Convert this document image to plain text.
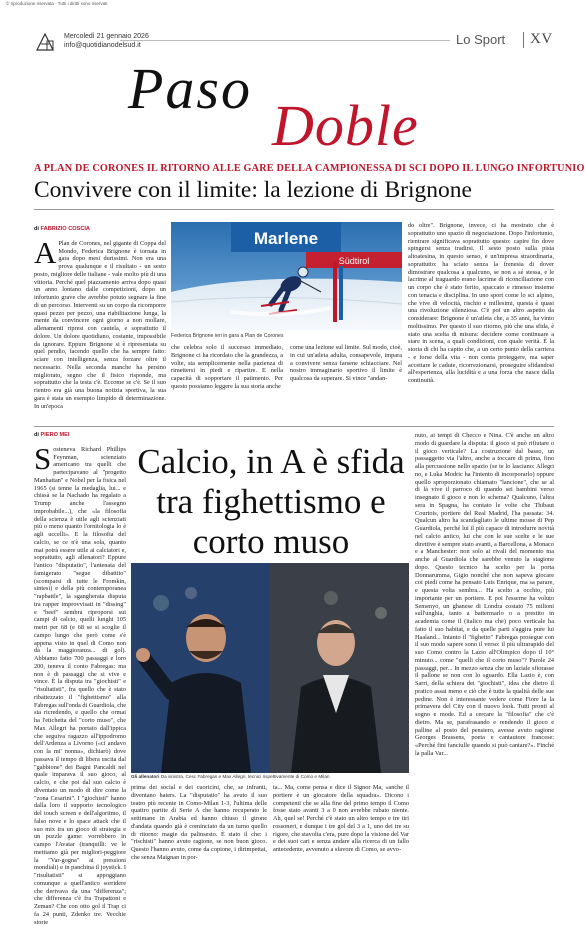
© riproduzione riservata · Tutti i diritti sono riservati
Mercoledì 21 gennaio 2026
info@quotidianodelsud.it	Lo Sport XV
Paso
Doble
A PLAN DE CORONES IL RITORNO ALLE GARE DELLA CAMPIONESSA DI SCI DOPO IL LUNGO INFORTUNIO
Convivere con il limite: la lezione di Brignone
di FABRIZIO COSCIA
A Plan de Corones, nel gigante di Coppa del Mondo, Federica Brignone è tornata in gara dopo mesi durissimi. Non era una prova qualunque e il risultato - un sesto posto, migliore delle italiane - vale molto più di una vittoria. Perché quel piazzamento arriva dopo quasi un anno lontano dalle competizioni, dopo un infortunio grave che avrebbe potuto segnare la fine di un percorso. Interventi su un corpo da ricomporre quasi pezzo per pezzo, una riabilitazione lunga, la mente da convincere ogni giorno a non mollare, allenamenti ripresi con cautela, e soprattutto il dolore. Un dolore quotidiano, costante, impossibile da ignorare. Eppure Brignone si è ripresentata su quel pendio, facendo quello che ha sempre fatto: sciare con intelligenza, senza forzare oltre il necessario. Nella seconda manche ha persino migliorato, segno che il fisico risponde, ma soprattutto che la testa c'è. Eccome se c'è. Se il suo rientro era già una buona notizia sportiva, la sua gara è stata un esempio limpido di determinazione. In un'epoca
Marlene
Südtirol
Federica Brignone ieri in gara a Plan de Corones
che celebra solo il successo immediato, Brignone ci ha ricordato che la grandezza, a volte, sta semplicemente nella pazienza di rimettersi in piedi e ripartire. E nella capacità di sopportare il patimento. Per questo possiamo leggere la sua storia anche
come una lezione sul limite. Sul modo, cioè, in cui un'atleta adulta, consapevole, impara a convivere senza farsene schiacciare. Nel nostro immaginario sportivo il limite è qualcosa da superare. Si vince "andan-
do oltre". Brignone, invece, ci ha mostrato che è soprattutto uno spazio di negoziazione. Dopo l'infortunio, rientrare significava soprattutto questo: capire fin dove spingersi senza tradirsi. Il sesto posto sulla pista altoatesina, in questo senso, è un'impresa straordinaria, soprattutto: ha sciato senza la frenesia di dover dimostrare qualcosa a qualcuno, se non a sé stessa, e le lacrime al traguardo erano lacrime di riconciliazione con un corpo che è stato ferito, spaccato e rimesso insieme con tenacia e disciplina. In uno sport come lo sci alpino, che vive di velocità, rischio e millesimi, questa è quasi una rivoluzione silenziosa. C'è poi un altro aspetto da considerare: Brignone è un'atleta che, a 35 anni, ha vinto moltissimo. Per questo il suo ritorno, più che una sfida, è stato una scelta di misura: decidere come continuare a stare in scena, a quali condizioni, con quale verità. È la storia di chi ha capito che, a un certo punto della carriera - e forse della vita - non conta proteggere, ma saper accettare le cadute, ricorrezionarsi, proseguire sfidandosi all'esperienza, alla lucidità e a una forza che nasce dalla continuità.
di PIERO MEI
S osteneva Richard Phillips Feynman, scienziato americano tra quelli che partecipavano al "progetto Manhattan" e Nobel per la fisica nel 1965 (si tenne la medaglia, lui... e chissà se la Nachado ha regalato a Trump anche l'assegno improbabile...), che «la filosofia della scienza è utile agli scienziati più o meno quanto l'ornitologia lo è agli uccelli». E la filosofia del calcio, se ce n'è una sola, quanto mai potrà essere utile ai calciatori e, soprattutto, agli allenatori? Eppure l'antico "disputatio", l'antenata del famigerato "segue dibattito" (scomparsi di tutte le Fromkin, sintesi) e della più contemporanea "rapbattle", la sgangherata disputa tra rapper improvvisati in "dissing" e "beef" sembra riproporsi sui campi di calcio, quelli lunghi 105 metri per 68 (e 68 se si scoglie il campo lungo che però come s'è appena visto in quel di Como non dà la maggioranza... di gol). Abbiamo fatto 700 passaggi e loro 200, teneva il conto Fabregas: ma non è di passaggi che si vive e vince. È la disputa tra "giochisti" e "risultatisti", fra quello che è stato ribattezzato il "fighettismo" alla Fabregas sull'onda di Guardiola, che sta ricredendo, e quello che ormai ha l'etichetta del "corto muso", che Max Allegri ha portato dall'ippica che seguiva ragazzo all'ippodromo dell'Ardenza a Livorno («ci andavo con la mi' nonna», dichiarò) dove passava il tempo di libera uscita dal "gabbione" dei Bagni Pancaldi nel quale imparava il suo gioco, al calcio, e che poi dal suo calcio è diventato un modo di dire come la "zona Cesarini". I "giochisti" hanno dalla loro il supporto tecnologico del touch screen e dell'algoritmo, il falso nove e lo space attack che il suo mix tra un gioco di strategia e un puzzle game: vorrebbero in campo l'Avatar (tranquilli: ve le mettiamo già per migliori-peggiore la "Var-gogna" ai pressioni mondiali) e in panchina il joystick. I "risultatisti" si appoggiano comunque a quell'antico sorridere che derivava da una "differenza"; che differenza c'è fra Trapattoni e Zeman? Che con otto gol il Trap ci fa 24 punti, Zdenko tre. Vecchie storie
Calcio, in A è sfida tra fighettismo e corto muso
Gli allenatori Da sinistra, Cesc Fabregas e Max Allegri, tecnici rispettivamente di Como e Milan
prima dei social e dei cuoricini, che, se infranti, diventano haters. La "disputatio" ha avuto il suo teatro più recente in Como-Milan 1-3, l'ultima delle quattro partite di Serie A che hanno recuperato le settimane in Arabia ed hanno chiuso il girone d'andata quando già è cominciato da un turno quello di ritorno: magie da palinsesto. È stato il che: i "rischisti" hanno avuto ragione, se non buon gioco. Questo l'hanno avuto, come da copione, i dirimpettai, che senza Maignan in por-
ta... Ma, come pensa e dice il Signor Ma, «anche il portiere è un giocatore della squadra». Dicono i competenti che se alla fine del primo tempo il Como fosse stato avanti 3 a 0 non avrebbe rubato niente. Ah, quel se! Perché c'è stato un altro tempo e tre tiri rossoneri, e dunque i tre gol del 3 a 1, uno dei tre su rigore, che stavolta c'era, pure dopo la visione del Var e dei suoi cari e senza andare alla ricerca di un fallo antecedente, avvenuto a sfavore di Como, se avvo-
nuto, ai tempi di Checco e Nina. C'è anche un altro modo di guardare la disputa: il gioco si può rifiutare o il gioco verticale? La costruzione dal basso, un passaggetto via l'altro, anche a toccare di prima, fino alla percussione nello spazio (se te lo lasciano: Allegri no, e Luka Modric ha l'intento di incorporarlo) oppure quello sproporzionato chiamato "lancione", che se al di là vive il parroco di quando sei bambini verso insegnato il gioco e non lo schema? Qualcuno, l'altra sera in Spagna, ha contato le volte che Thibaut Courtois, portiere del Real Madrid, l'ha passata: 34. Qualcun altro ha scandagliato le ultime mosse di Pep Guardiola, perché lui il più capace di introdurre novità nel calcio antico, lui che con le sue scelte e le sue direttive è sempre stato avanti, a Barcellona, a Monaco e a Manchester: non solo ai rivali del momento ma anche al Guardiola che sarebbe venuto la stagione dopo. Questo tecnico ha scelto per la porta Donnarumma, Gigio nonché che non sapeva giocare coi piedi come ha pensato Luis Enrique, ma sa parare, e questa volta sembra... Ha scelto a occhio, più importante per un portiere. E poi l'esserne ha voluto Semenyo, un ghanese di Londra costato 75 milioni sull'unghia, tanto a battermarlo o a prestito in academia come il (italico ma che) poco verticale ha fatto il suo habitat, e da quelle parti s'aggira pure lui Haaland... Intanto il "fighetto" Fabregas prosegue con il suo modo sapere sono il verso: il più ultrarapido del suo Como contro la Lazio all'Olimpico dopo il 10° minuto... come "quelli che il corto muso"? Parole 24 passaggi, per... In mezzo senza che un laziale sfiorasse il pallone se non con lo sguardo. Ella Lazio è, con Sarri, della schiera dei "giochisti", idea che dietro il pratico assai meno e ciò che è tutte la qualità delle sue pedine. Non è interessante vedere come Fiore la la primavera del City con il nuovo look. Tutti pronti al sogno e mode. Ed a cercare la "filosofia" che c'è dietro. Ma se, parafrasando e rendendo il gioco e palline al posto del pensiero, avesse avuto ragione Georges Brassens, poeta e cantautore francese: «Perché fini fanciulle quando si può cantare?». Finché la palla Var...
